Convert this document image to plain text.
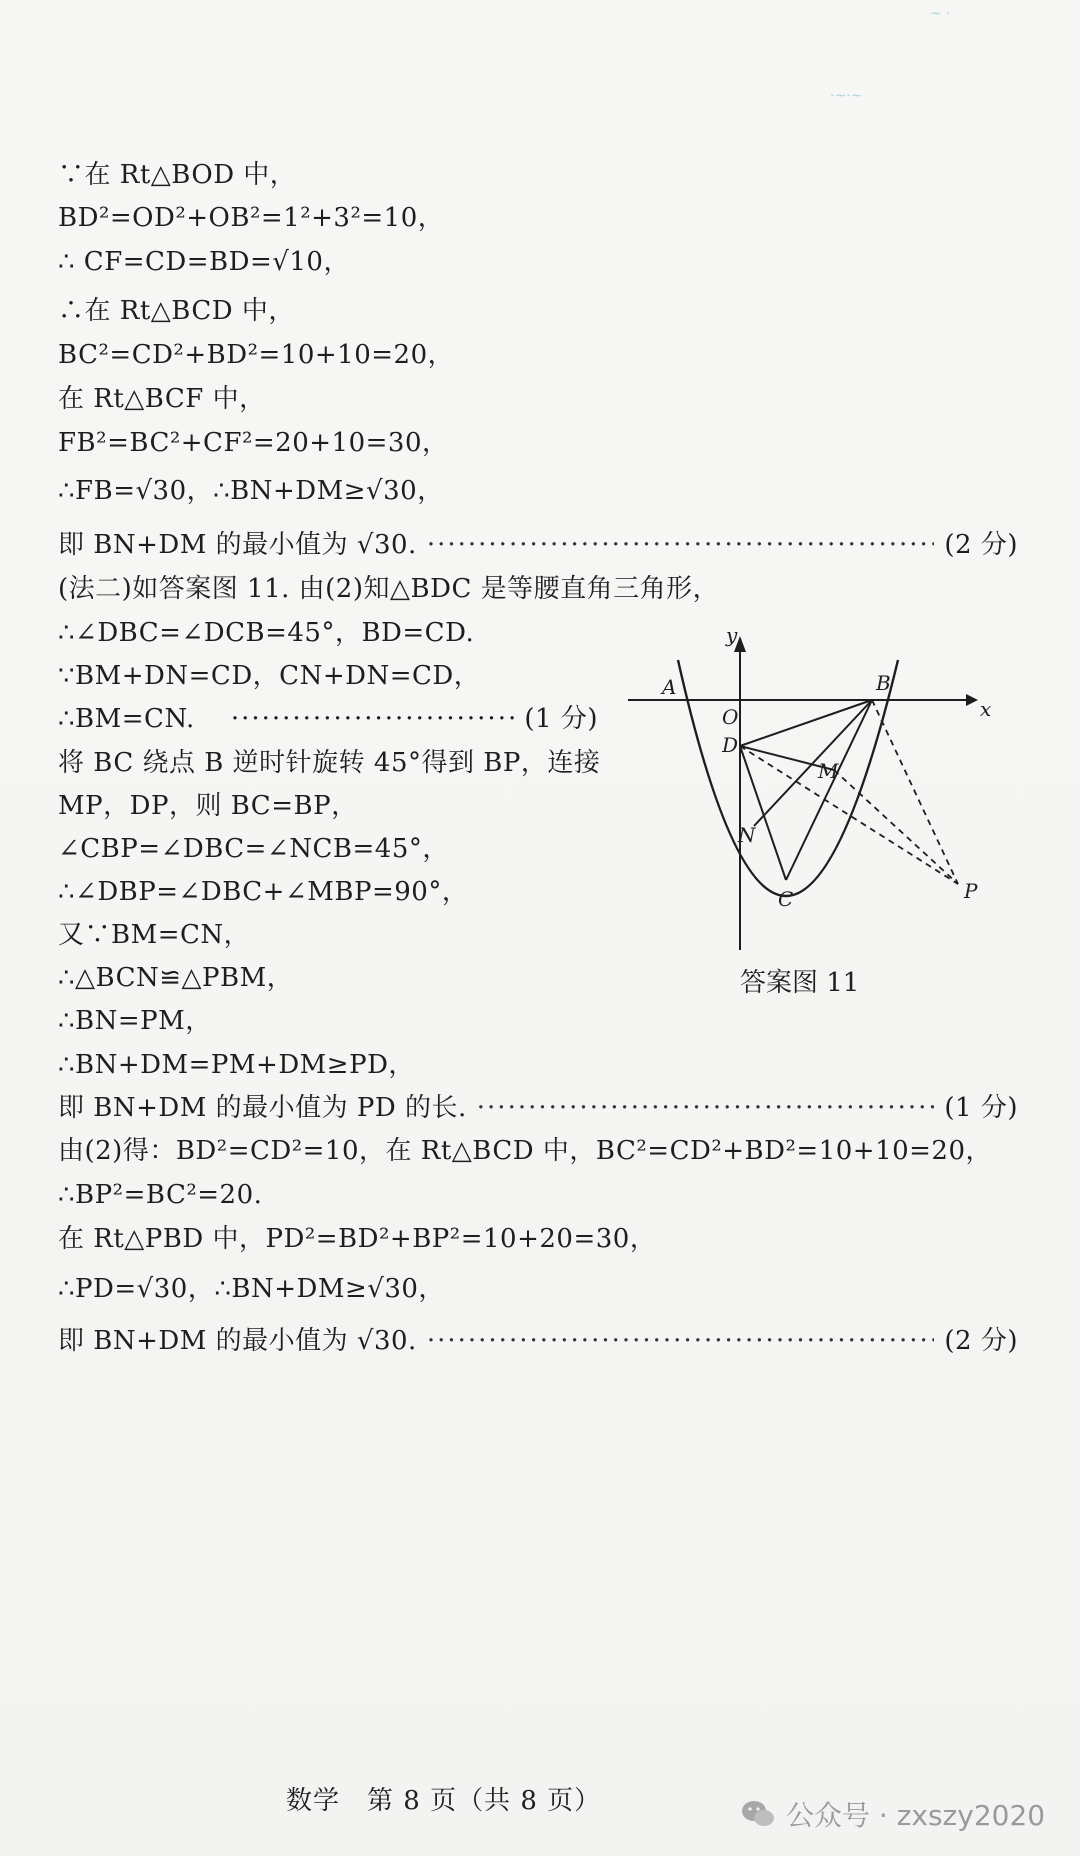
~ ·
·~·~
∵在 Rt△BOD 中，
BD²=OD²+OB²=1²+3²=10，
∴ CF=CD=BD=√10，
∴在 Rt△BCD 中，
BC²=CD²+BD²=10+10=20，
在 Rt△BCF 中，
FB²=BC²+CF²=20+10=30，
∴FB=√30，∴BN+DM≥√30，
即 BN+DM 的最小值为 √30. ·····	(2 分)
(法二)如答案图 11. 由(2)知△BDC 是等腰直角三角形，
∴∠DBC=∠DCB=45°，BD=CD.
∵BM+DN=CD，CN+DN=CD，
∴BM=CN. ·····	(1 分)
将 BC 绕点 B 逆时针旋转 45°得到 BP，连接
MP，DP，则 BC=BP，
∠CBP=∠DBC=∠NCB=45°，
∴∠DBP=∠DBC+∠MBP=90°，
又∵BM=CN，
∴△BCN≌△PBM，
∴BN=PM，
∴BN+DM=PM+DM≥PD，
即 BN+DM 的最小值为 PD 的长. ·····	(1 分)
由(2)得：BD²=CD²=10，在 Rt△BCD 中，BC²=CD²+BD²=10+10=20，
∴BP²=BC²=20.
在 Rt△PBD 中，PD²=BD²+BP²=10+20=30，
∴PD=√30，∴BN+DM≥√30，
即 BN+DM 的最小值为 √30. ·····	(2 分)
y
x
A
O
B
D
M
N
C	P
答案图 11
数学　第 8 页（共 8 页）	公众号 · zxszy2020
